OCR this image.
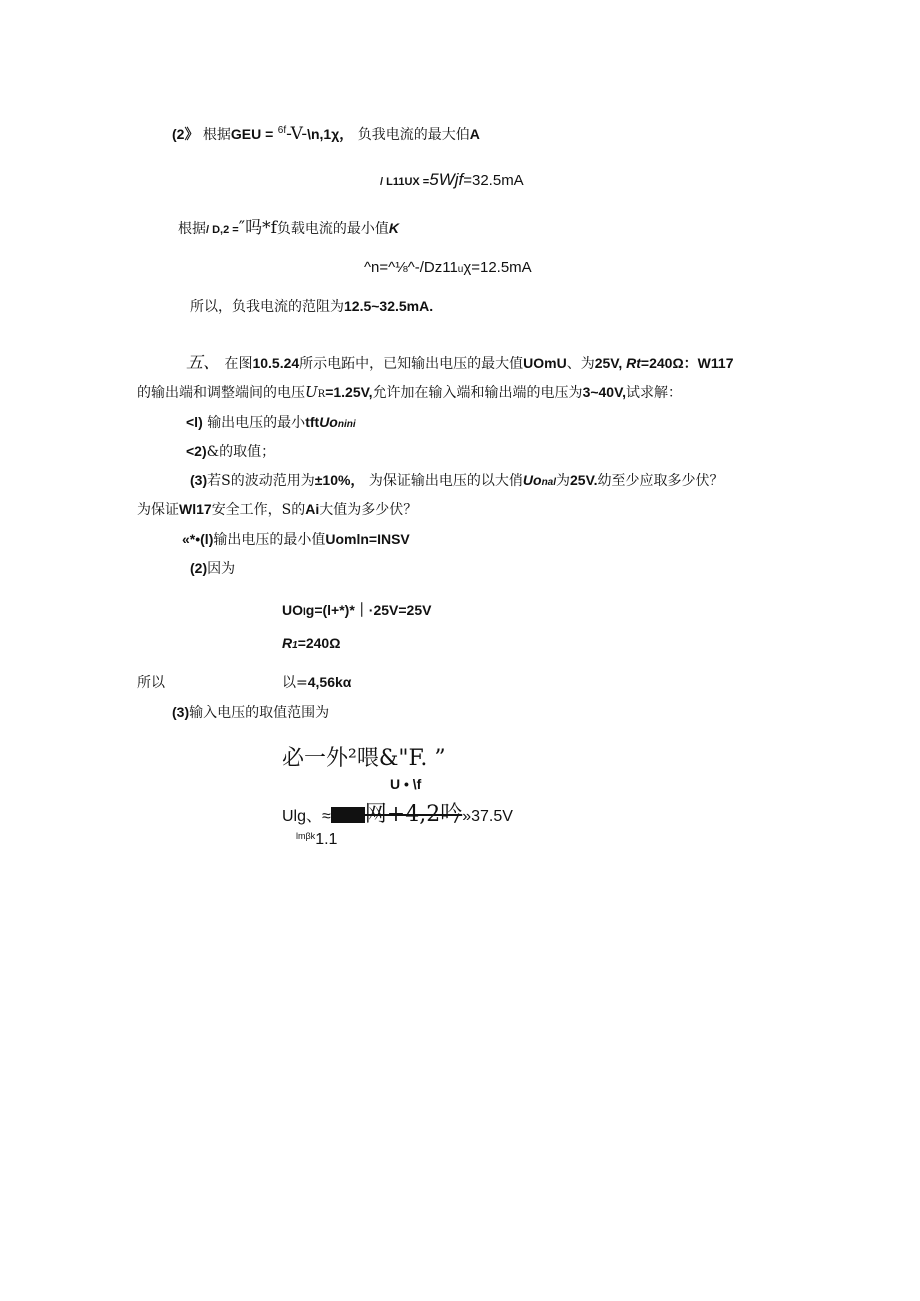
(2》 根据GEU = $^{6f}$-V-\n,1χ， 负我电流的最大伯A
/ L11UX =5Wjf=32.5mA
根据/ D,2 =″吗*f负载电流的最小值K
^n=^⅛^-/Dz11uχ=12.5mA
所以，负我电流的范阻为12.5~32.5mA.
五、 在图10.5.24所示电跖中，已知输出电压的最大值UOmU、为25V, Rt=240Ω：W117
的输出端和调整端间的电压UR=1.25V,允许加在输入端和输出端的电压为3~40V,试求解：
<l) 输出电压的最小tftUonini
<2)&的取值；
(3)若S的波动范用为±10%， 为保证输出电压的以大俏Uonal为25V.幼至少应取多少伏？
为保证Wl17安全工作，S的Ai大值为多少伏？
«*•(l)输出电压的最小值Uomln=INSV
(2)因为
UOlg=(l+*)*｜·25V=25V
R1=240Ω
所以	以=4,56kα
(3)输入电压的取值范围为
必一外²喂&"F. ”
U • \f
Ulg、≈ 网+4,2吟»37.5V
$^{lm\beta k}$1.1
